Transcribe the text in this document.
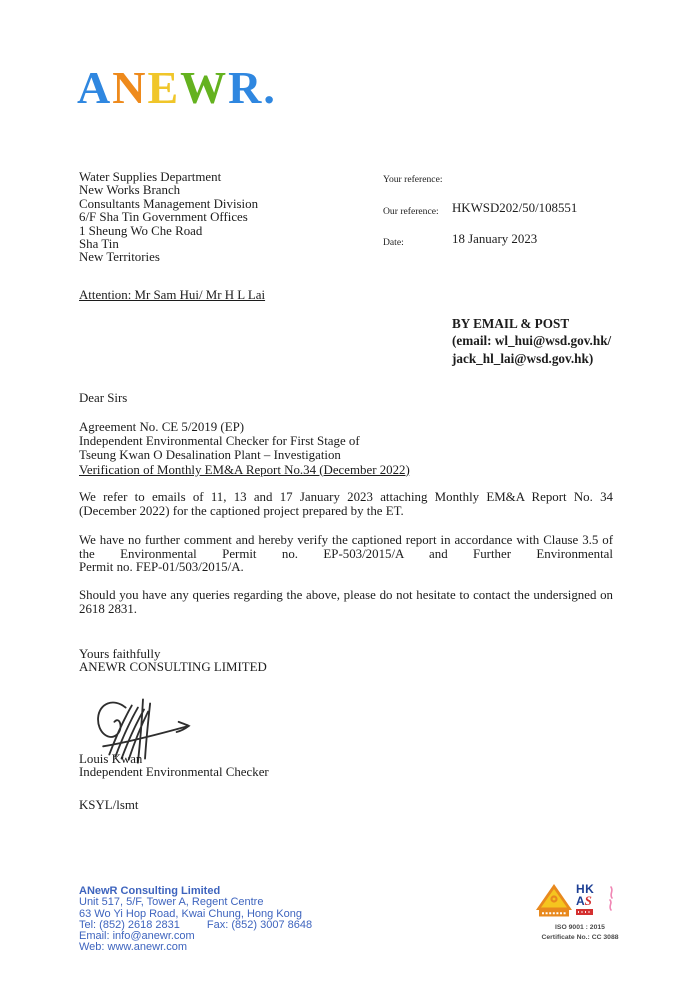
ANEWR.
Water Supplies Department
New Works Branch
Consultants Management Division
6/F Sha Tin Government Offices
1 Sheung Wo Che Road
Sha Tin
New Territories
Your reference:
Our reference: HKWSD202/50/108551
Date:	18 January 2023
Attention: Mr Sam Hui/ Mr H L Lai
BY EMAIL & POST
(email: wl_hui@wsd.gov.hk/
jack_hl_lai@wsd.gov.hk)
Dear Sirs
Agreement No. CE 5/2019 (EP)
Independent Environmental Checker for First Stage of
Tseung Kwan O Desalination Plant – Investigation
Verification of Monthly EM&A Report No.34 (December 2022)
We refer to emails of 11, 13 and 17 January 2023 attaching Monthly EM&A Report No. 34
(December 2022) for the captioned project prepared by the ET.
We have no further comment and hereby verify the captioned report in accordance with Clause 3.5 of
the Environmental Permit no. EP-503/2015/A and Further Environmental
Permit no. FEP-01/503/2015/A.
Should you have any queries regarding the above, please do not hesitate to contact the undersigned on
2618 2831.
Yours faithfully
ANEWR CONSULTING LIMITED
Louis Kwan
Independent Environmental Checker
KSYL/lsmt
ANewR Consulting Limited
Unit 517, 5/F, Tower A, Regent Centre
63 Wo Yi Hop Road, Kwai Chung, Hong Kong
Tel: (852) 2618 2831 Fax: (852) 3007 8648
Email: info@anewr.com
Web: www.anewr.com
HK
AS
ISO 9001 : 2015
Certificate No.: CC 3088
